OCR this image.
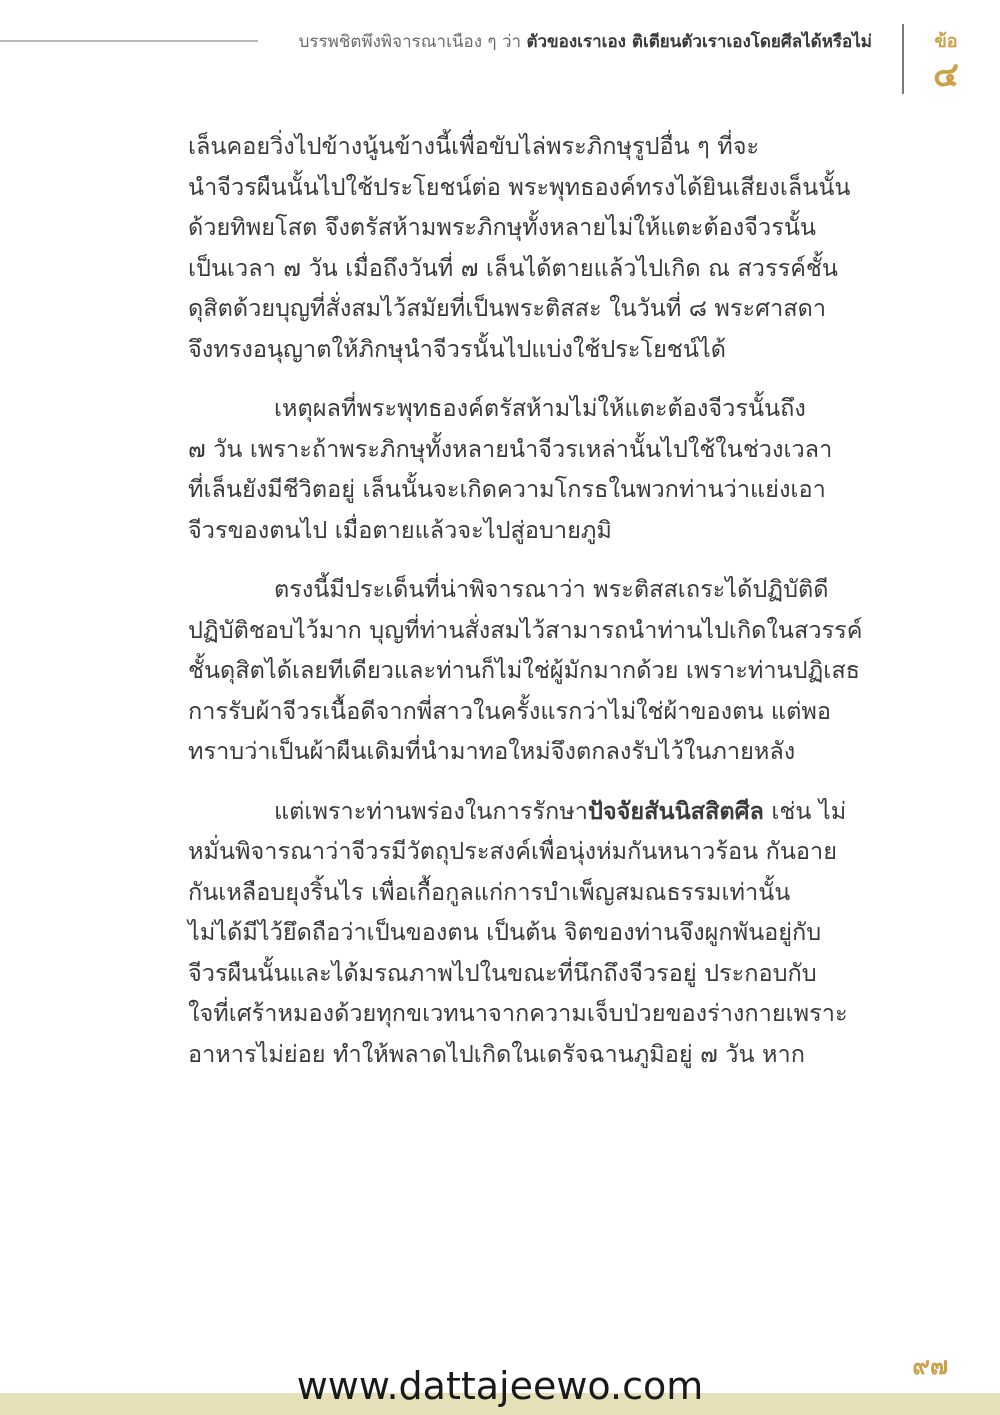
บรรพชิตพึงพิจารณาเนือง ๆ ว่า ตัวของเราเอง ติเตียนตัวเราเองโดยศีลได้หรือไม่	ข้อ
๔

เล็นคอยวิ่งไปข้างนู้นข้างนี้เพื่อขับไล่พระภิกษุรูปอื่น ๆ ที่จะ
นำจีวรผืนนั้นไปใช้ประโยชน์ต่อ พระพุทธองค์ทรงได้ยินเสียงเล็นนั้น
ด้วยทิพยโสต จึงตรัสห้ามพระภิกษุทั้งหลายไม่ให้แตะต้องจีวรนั้น
เป็นเวลา ๗ วัน เมื่อถึงวันที่ ๗ เล็นได้ตายแล้วไปเกิด ณ สวรรค์ชั้น
ดุสิตด้วยบุญที่สั่งสมไว้สมัยที่เป็นพระติสสะ ในวันที่ ๘ พระศาสดา
จึงทรงอนุญาตให้ภิกษุนำจีวรนั้นไปแบ่งใช้ประโยชน์ได้

เหตุผลที่พระพุทธองค์ตรัสห้ามไม่ให้แตะต้องจีวรนั้นถึง
๗ วัน เพราะถ้าพระภิกษุทั้งหลายนำจีวรเหล่านั้นไปใช้ในช่วงเวลา
ที่เล็นยังมีชีวิตอยู่ เล็นนั้นจะเกิดความโกรธในพวกท่านว่าแย่งเอา
จีวรของตนไป เมื่อตายแล้วจะไปสู่อบายภูมิ

ตรงนี้มีประเด็นที่น่าพิจารณาว่า พระติสสเถระได้ปฏิบัติดี
ปฏิบัติชอบไว้มาก บุญที่ท่านสั่งสมไว้สามารถนำท่านไปเกิดในสวรรค์
ชั้นดุสิตได้เลยทีเดียวและท่านก็ไม่ใช่ผู้มักมากด้วย เพราะท่านปฏิเสธ
การรับผ้าจีวรเนื้อดีจากพี่สาวในครั้งแรกว่าไม่ใช่ผ้าของตน แต่พอ
ทราบว่าเป็นผ้าผืนเดิมที่นำมาทอใหม่จึงตกลงรับไว้ในภายหลัง

แต่เพราะท่านพร่องในการรักษาปัจจัยสันนิสสิตศีล เช่น ไม่
หมั่นพิจารณาว่าจีวรมีวัตถุประสงค์เพื่อนุ่งห่มกันหนาวร้อน กันอาย
กันเหลือบยุงริ้นไร เพื่อเกื้อกูลแก่การบำเพ็ญสมณธรรมเท่านั้น
ไม่ได้มีไว้ยึดถือว่าเป็นของตน เป็นต้น จิตของท่านจึงผูกพันอยู่กับ
จีวรผืนนั้นและได้มรณภาพไปในขณะที่นึกถึงจีวรอยู่ ประกอบกับ
ใจที่เศร้าหมองด้วยทุกขเวทนาจากความเจ็บป่วยของร่างกายเพราะ
อาหารไม่ย่อย ทำให้พลาดไปเกิดในเดรัจฉานภูมิอยู่ ๗ วัน หาก

๙๗
www.dattajeewo.com
